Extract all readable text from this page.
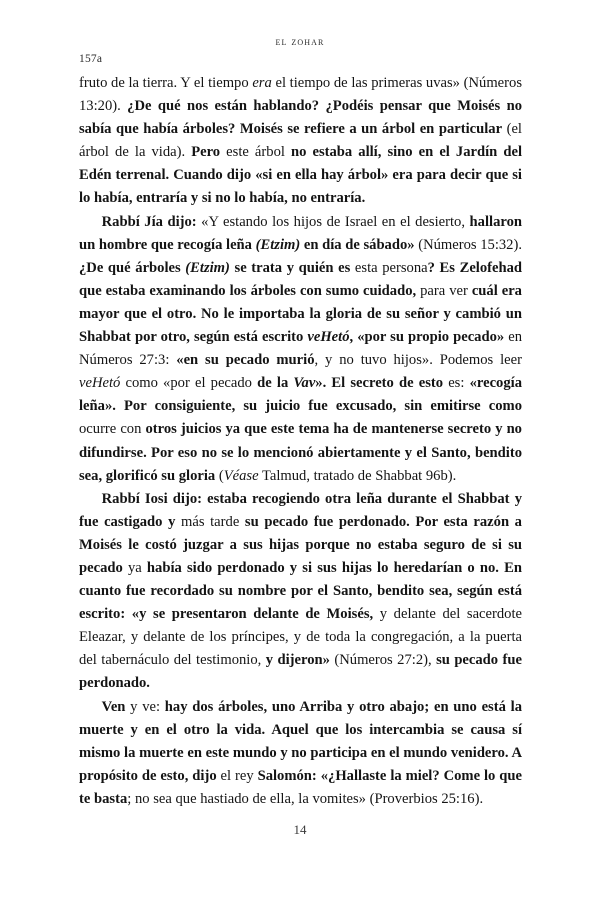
el zohar
157a

fruto de la tierra. Y el tiempo era el tiempo de las primeras uvas» (Números 13:20). ¿De qué nos están hablando? ¿Podéis pensar que Moisés no sabía que había árboles? Moisés se refiere a un árbol en particular (el árbol de la vida). Pero este árbol no estaba allí, sino en el Jardín del Edén terrenal. Cuando dijo «si en ella hay árbol» era para decir que si lo había, entraría y si no lo había, no entraría.

Rabbí Jía dijo: «Y estando los hijos de Israel en el desierto, hallaron un hombre que recogía leña (Etzim) en día de sábado» (Números 15:32). ¿De qué árboles (Etzim) se trata y quién es esta persona? Es Zelofehad que estaba examinando los árboles con sumo cuidado, para ver cuál era mayor que el otro. No le importaba la gloria de su señor y cambió un Shabbat por otro, según está escrito veHetó, «por su propio pecado» en Números 27:3: «en su pecado murió, y no tuvo hijos». Podemos leer veHetó como «por el pecado de la Vav». El secreto de esto es: «recogía leña». Por consiguiente, su juicio fue excusado, sin emitirse como ocurre con otros juicios ya que este tema ha de mantenerse secreto y no difundirse. Por eso no se lo mencionó abiertamente y el Santo, bendito sea, glorificó su gloria (Véase Talmud, tratado de Shabbat 96b).

Rabbí Iosi dijo: estaba recogiendo otra leña durante el Shabbat y fue castigado y más tarde su pecado fue perdonado. Por esta razón a Moisés le costó juzgar a sus hijas porque no estaba seguro de si su pecado ya había sido perdonado y si sus hijas lo heredarían o no. En cuanto fue recordado su nombre por el Santo, bendito sea, según está escrito: «y se presentaron delante de Moisés, y delante del sacerdote Eleazar, y delante de los príncipes, y de toda la congregación, a la puerta del tabernáculo del testimonio, y dijeron» (Números 27:2), su pecado fue perdonado.

Ven y ve: hay dos árboles, uno Arriba y otro abajo; en uno está la muerte y en el otro la vida. Aquel que los intercambia se causa sí mismo la muerte en este mundo y no participa en el mundo venidero. A propósito de esto, dijo el rey Salomón: «¿Hallaste la miel? Come lo que te basta; no sea que hastiado de ella, la vomites» (Proverbios 25:16).

14
